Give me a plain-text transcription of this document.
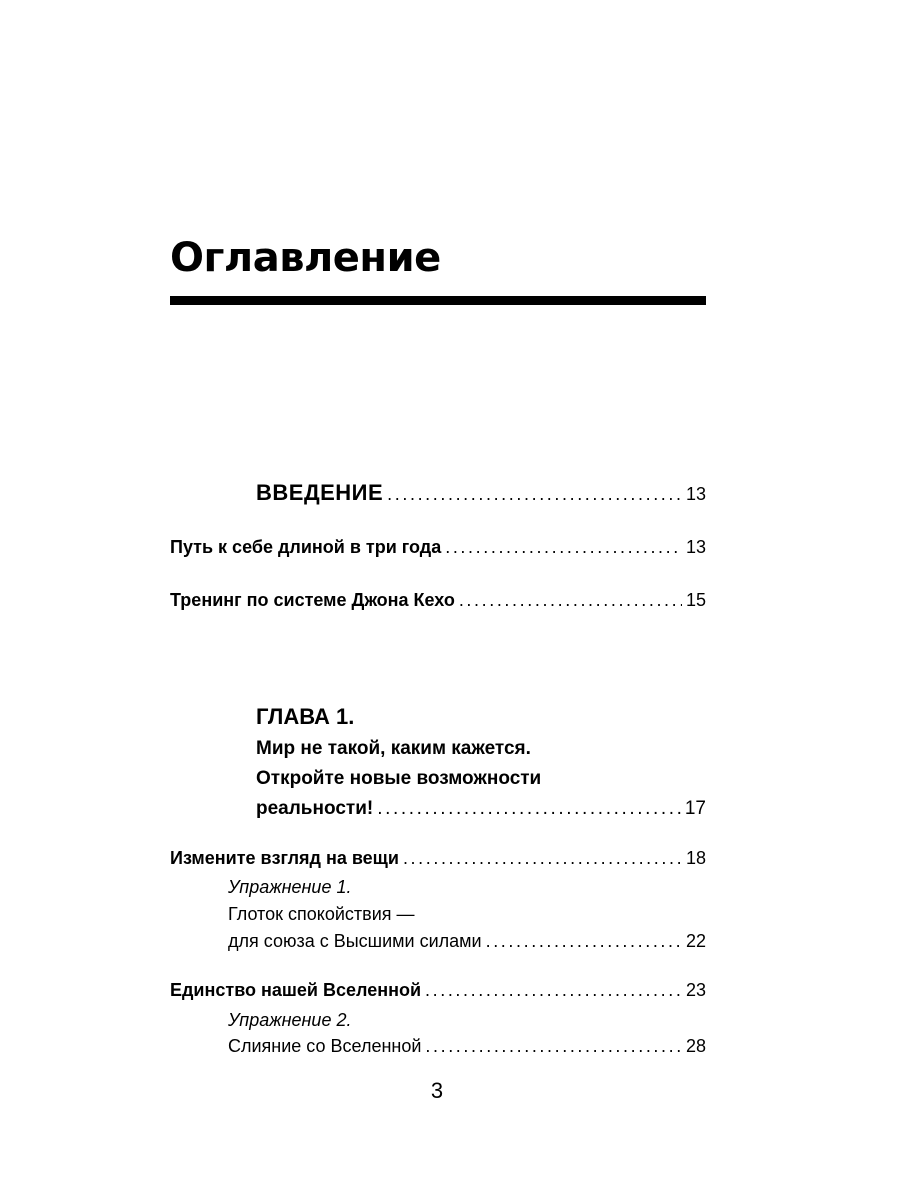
Оглавление
ВВЕДЕНИЕ .....	13
Путь к себе длиной в три года .....	13
Тренинг по системе Джона Кехо .....	15
ГЛАВА 1.
Мир не такой, каким кажется.
Откройте новые возможности
реальности! .....	17
Измените взгляд на вещи .....	18
Упражнение 1.
Глоток спокойствия —
для союза с Высшими силами .....	22
Единство нашей Вселенной .....	23
Упражнение 2.
Слияние со Вселенной .....	28
3
